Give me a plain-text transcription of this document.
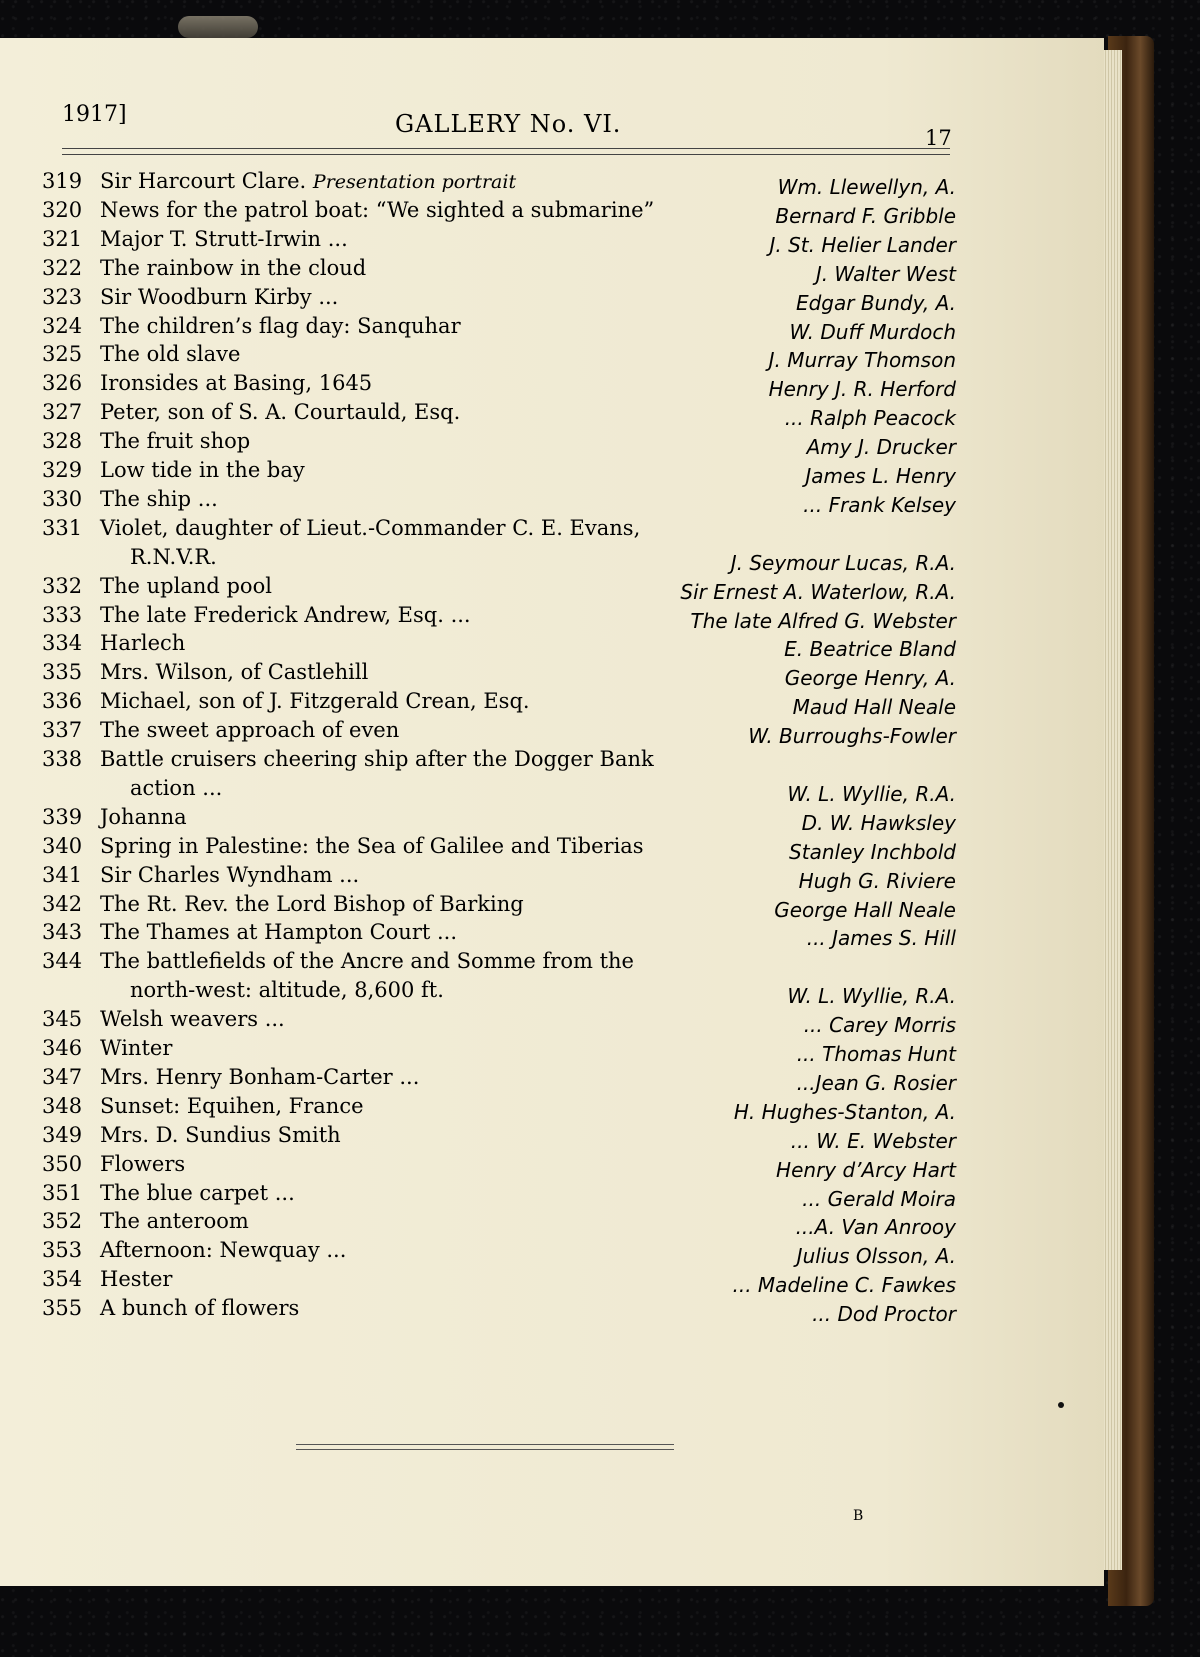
1917]	GALLERY No. VI.	17
319 Sir Harcourt Clare. Presentation portrait	Wm. Llewellyn, A.
320 News for the patrol boat: “We sighted a submarine”	Bernard F. Gribble
321 Major T. Strutt-Irwin ...	J. St. Helier Lander
322 The rainbow in the cloud	J. Walter West
323 Sir Woodburn Kirby ...	Edgar Bundy, A.
324 The children’s flag day: Sanquhar	W. Duff Murdoch
325 The old slave	J. Murray Thomson
326 Ironsides at Basing, 1645	Henry J. R. Herford
327 Peter, son of S. A. Courtauld, Esq.	... Ralph Peacock
328 The fruit shop	Amy J. Drucker
329 Low tide in the bay	James L. Henry
330 The ship ...	... Frank Kelsey
331 Violet, daughter of Lieut.-Commander C. E. Evans,
R.N.V.R.	J. Seymour Lucas, R.A.
332 The upland pool	Sir Ernest A. Waterlow, R.A.
333 The late Frederick Andrew, Esq. ...	The late Alfred G. Webster
334 Harlech	E. Beatrice Bland
335 Mrs. Wilson, of Castlehill	George Henry, A.
336 Michael, son of J. Fitzgerald Crean, Esq.	Maud Hall Neale
337 The sweet approach of even	W. Burroughs-Fowler
338 Battle cruisers cheering ship after the Dogger Bank
action ...	W. L. Wyllie, R.A.
339 Johanna	D. W. Hawksley
340 Spring in Palestine: the Sea of Galilee and Tiberias	Stanley Inchbold
341 Sir Charles Wyndham ...	Hugh G. Riviere
342 The Rt. Rev. the Lord Bishop of Barking	George Hall Neale
343 The Thames at Hampton Court ...	... James S. Hill
344 The battlefields of the Ancre and Somme from the
north-west: altitude, 8,600 ft.	W. L. Wyllie, R.A.
345 Welsh weavers ...	... Carey Morris
346 Winter	... Thomas Hunt
347 Mrs. Henry Bonham-Carter ...	...Jean G. Rosier
348 Sunset: Equihen, France	H. Hughes-Stanton, A.
349 Mrs. D. Sundius Smith	... W. E. Webster
350 Flowers	Henry d’Arcy Hart
351 The blue carpet ...	... Gerald Moira
352 The anteroom	...A. Van Anrooy
353 Afternoon: Newquay ...	Julius Olsson, A.
354 Hester	... Madeline C. Fawkes
355 A bunch of flowers	... Dod Proctor
B
